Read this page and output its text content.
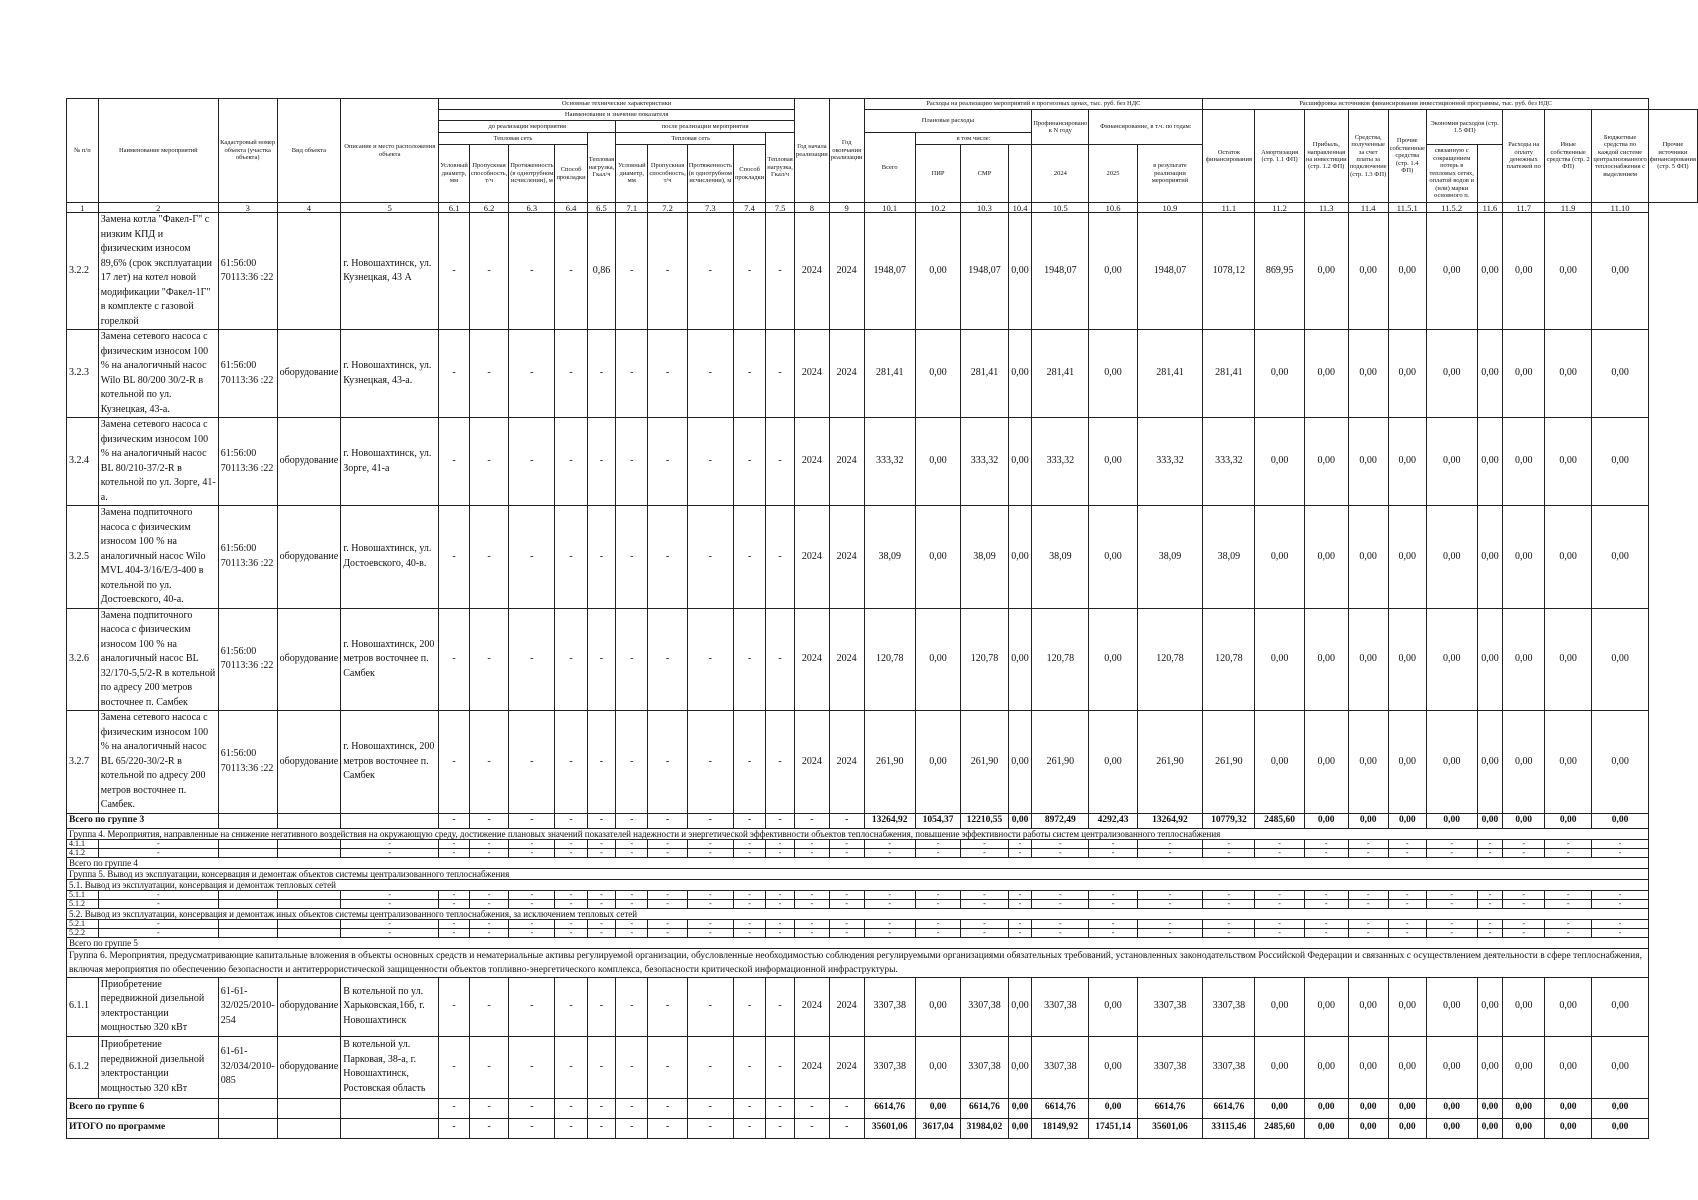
№ п/п	Наименование мероприятий	Кадастровый номер объекта (участка объекта)	Вид объекта	Описание и место расположения объекта	Основные технические характеристики										Год начала реализации	Год окончания реализации	Расходы на реализацию мероприятий в прогнозных ценах, тыс. руб. без НДС							Расшифровка источников финансирования инвестиционной программы, тыс. руб. без НДС										
					Наименование и значение показателя												Плановые расходы				Профинансировано к N году	Финансирование, в т.ч. по годам:		Остаток финансирования	Амортизация (стр. 1.1 ФП)	Прибыль, направленная на инвестиции (стр. 1.2 ФП)	Средства, полученные за счет платы за подключение (стр. 1.3 ФП)	Прочие собственные средства (стр. 1.4 ФП)	Экономия расходов (стр. 1.5 ФП)		Расходы на оплату денежных платежей по	Иные собственные средства (стр. 2 ФП)	Бюджетные средства по каждой системе централизованного теплоснабжения с выделением	Прочие источники финансирования (стр. 5 ФП)
					до реализации мероприятия					после реализации мероприятия																								
					Тепловая сеть				Тепловая нагрузка, Гкал/ч	Тепловая сеть				Тепловая нагрузка, Гкал/ч			Всего	в том числе:																
					Условный диаметр, мм	Пропускная способность, т/ч	Протяженность (в однотрубном исчислении), м	Способ прокладки		Условный диаметр, мм	Пропускная способность, т/ч	Протяженность (в однотрубном исчислении), м	Способ прокладки					ПИР	СМР		2024	2025	в результате реализации мероприятий						связанную с сокращением потерь в тепловых сетях, оплатой водов и (или) марки основного п.					
1	2	3	4	5	6.1	6.2	6.3	6.4	6.5	7.1	7.2	7.3	7.4	7.5	8	9	10.1	10.2	10.3	10.4	10.5	10.6	10.9	11.1	11.2	11.3	11.4	11.5.1	11.5.2	11.6	11.7	11.9	11.10	
3.2.2	Замена котла "Факел-Г" с низким КПД и физическим износом 89,6% (срок эксплуатации 17 лет) на котел новой модификации "Факел-1Г" в комплекте с газовой горелкой	61:56:00 70113:36 :22		г. Новошахтинск, ул. Кузнецкая, 43 А	-	-	-	-	0,86	-	-	-	-	-	2024	2024	1948,07	0,00	1948,07	0,00	1948,07	0,00	1948,07	1078,12	869,95	0,00	0,00	0,00	0,00	0,00	0,00	0,00	0,00	
3.2.3	Замена сетевого насоса с физическим износом 100 % на аналогичный насос Wilo BL 80/200 30/2-R в котельной по ул. Кузнецкая, 43-а.	61:56:00 70113:36 :22	оборудование	г. Новошахтинск, ул. Кузнецкая, 43-а.	-	-	-	-	-	-	-	-	-	-	2024	2024	281,41	0,00	281,41	0,00	281,41	0,00	281,41	281,41	0,00	0,00	0,00	0,00	0,00	0,00	0,00	0,00	0,00	
3.2.4	Замена сетевого насоса с физическим износом 100 % на аналогичный насос BL 80/210-37/2-R в котельной по ул. Зорге, 41-а.	61:56:00 70113:36 :22	оборудование	г. Новошахтинск, ул. Зорге, 41-а	-	-	-	-	-	-	-	-	-	-	2024	2024	333,32	0,00	333,32	0,00	333,32	0,00	333,32	333,32	0,00	0,00	0,00	0,00	0,00	0,00	0,00	0,00	0,00	
3.2.5	Замена подпиточного насоса с физическим износом 100 % на аналогичный насос Wilo MVL 404-3/16/E/3-400 в котельной по ул. Достоевского, 40-а.	61:56:00 70113:36 :22	оборудование	г. Новошахтинск, ул. Достоевского, 40-в.	-	-	-	-	-	-	-	-	-	-	2024	2024	38,09	0,00	38,09	0,00	38,09	0,00	38,09	38,09	0,00	0,00	0,00	0,00	0,00	0,00	0,00	0,00	0,00	
3.2.6	Замена подпиточного насоса с физическим износом 100 % на аналогичный насос BL 32/170-5,5/2-R в котельной по адресу 200 метров восточнее п. Самбек	61:56:00 70113:36 :22	оборудование	г. Новошахтинск, 200 метров восточнее п. Самбек	-	-	-	-	-	-	-	-	-	-	2024	2024	120,78	0,00	120,78	0,00	120,78	0,00	120,78	120,78	0,00	0,00	0,00	0,00	0,00	0,00	0,00	0,00	0,00	
3.2.7	Замена сетевого насоса с физическим износом 100 % на аналогичный насос BL 65/220-30/2-R в котельной по адресу 200 метров восточнее п. Самбек.	61:56:00 70113:36 :22	оборудование	г. Новошахтинск, 200 метров восточнее п. Самбек	-	-	-	-	-	-	-	-	-	-	2024	2024	261,90	0,00	261,90	0,00	261,90	0,00	261,90	261,90	0,00	0,00	0,00	0,00	0,00	0,00	0,00	0,00	0,00	
Всего по группе 3					-	-	-	-	-	-	-	-	-	-	-	-	13264,92	1054,37	12210,55	0,00	8972,49	4292,43	13264,92	10779,32	2485,60	0,00	0,00	0,00	0,00	0,00	0,00	0,00	0,00	
Группа 4. Мероприятия, направленные на снижение негативного воздействия на окружающую среду, достижение плановых значений показателей надежности и энергетической эффективности объектов теплоснабжения, повышение эффективности работы систем централизованного теплоснабжения																																		
4.1.1	-			-	-	-	-	-	-	-	-	-	-	-	-	-	-	-	-	-	-	-	-	-	-	-	-	-	-	-	-	-	-	
4.1.2	-			-	-	-	-	-	-	-	-	-	-	-	-	-	-	-	-	-	-	-	-	-	-	-	-	-	-	-	-	-	-	
Всего по группе 4																																		
Группа 5. Вывод из эксплуатации, консервация и демонтаж объектов системы централизованного теплоснабжения																																		
5.1. Вывод из эксплуатации, консервация и демонтаж тепловых сетей																																		
5.1.1	-			-	-	-	-	-	-	-	-	-	-	-	-	-	-	-	-	-	-	-	-	-	-	-	-	-	-	-	-	-	-	
5.1.2	-			-	-	-	-	-	-	-	-	-	-	-	-	-	-	-	-	-	-	-	-	-	-	-	-	-	-	-	-	-	-	
5.2. Вывод из эксплуатации, консервация и демонтаж иных объектов системы централизованного теплоснабжения, за исключением тепловых сетей																																		
5.2.1	-			-	-	-	-	-	-	-	-	-	-	-	-	-	-	-	-	-	-	-	-	-	-	-	-	-	-	-	-	-	-	
5.2.2	-			-	-	-	-	-	-	-	-	-	-	-	-	-	-	-	-	-	-	-	-	-	-	-	-	-	-	-	-	-	-	
Всего по группе 5																																		
Группа 6. Мероприятия, предусматривающие капитальные вложения в объекты основных средств и нематериальные активы регулируемой организации, обусловленные необходимостью соблюдения регулируемыми организациями обязательных требований, установленных законодательством Российской Федерации и связанных с осуществлением деятельности в сфере теплоснабжения, включая мероприятия по обеспечению безопасности и антитеррористической защищенности объектов топливно-энергетического комплекса, безопасности критической информационной инфраструктуры.																																		
6.1.1	Приобретение передвижной дизельной электростанции мощностью 320 кВт	61-61-32/025/2010-254	оборудование	В котельной по ул. Харьковская,16б, г. Новошахтинск	-	-	-	-	-	-	-	-	-	-	2024	2024	3307,38	0,00	3307,38	0,00	3307,38	0,00	3307,38	3307,38	0,00	0,00	0,00	0,00	0,00	0,00	0,00	0,00	0,00	
6.1.2	Приобретение передвижной дизельной электростанции мощностью 320 кВт	61-61-32/034/2010-085	оборудование	В котельной ул. Парковая, 38-а, г. Новошахтинск, Ростовская область	-	-	-	-	-	-	-	-	-	-	2024	2024	3307,38	0,00	3307,38	0,00	3307,38	0,00	3307,38	3307,38	0,00	0,00	0,00	0,00	0,00	0,00	0,00	0,00	0,00	
Всего по группе 6					-	-	-	-	-	-	-	-	-	-	-	-	6614,76	0,00	6614,76	0,00	6614,76	0,00	6614,76	6614,76	0,00	0,00	0,00	0,00	0,00	0,00	0,00	0,00	0,00	
ИТОГО по программе					-	-	-	-	-	-	-	-	-	-	-	-	35601,06	3617,04	31984,02	0,00	18149,92	17451,14	35601,06	33115,46	2485,60	0,00	0,00	0,00	0,00	0,00	0,00	0,00	0,00	
